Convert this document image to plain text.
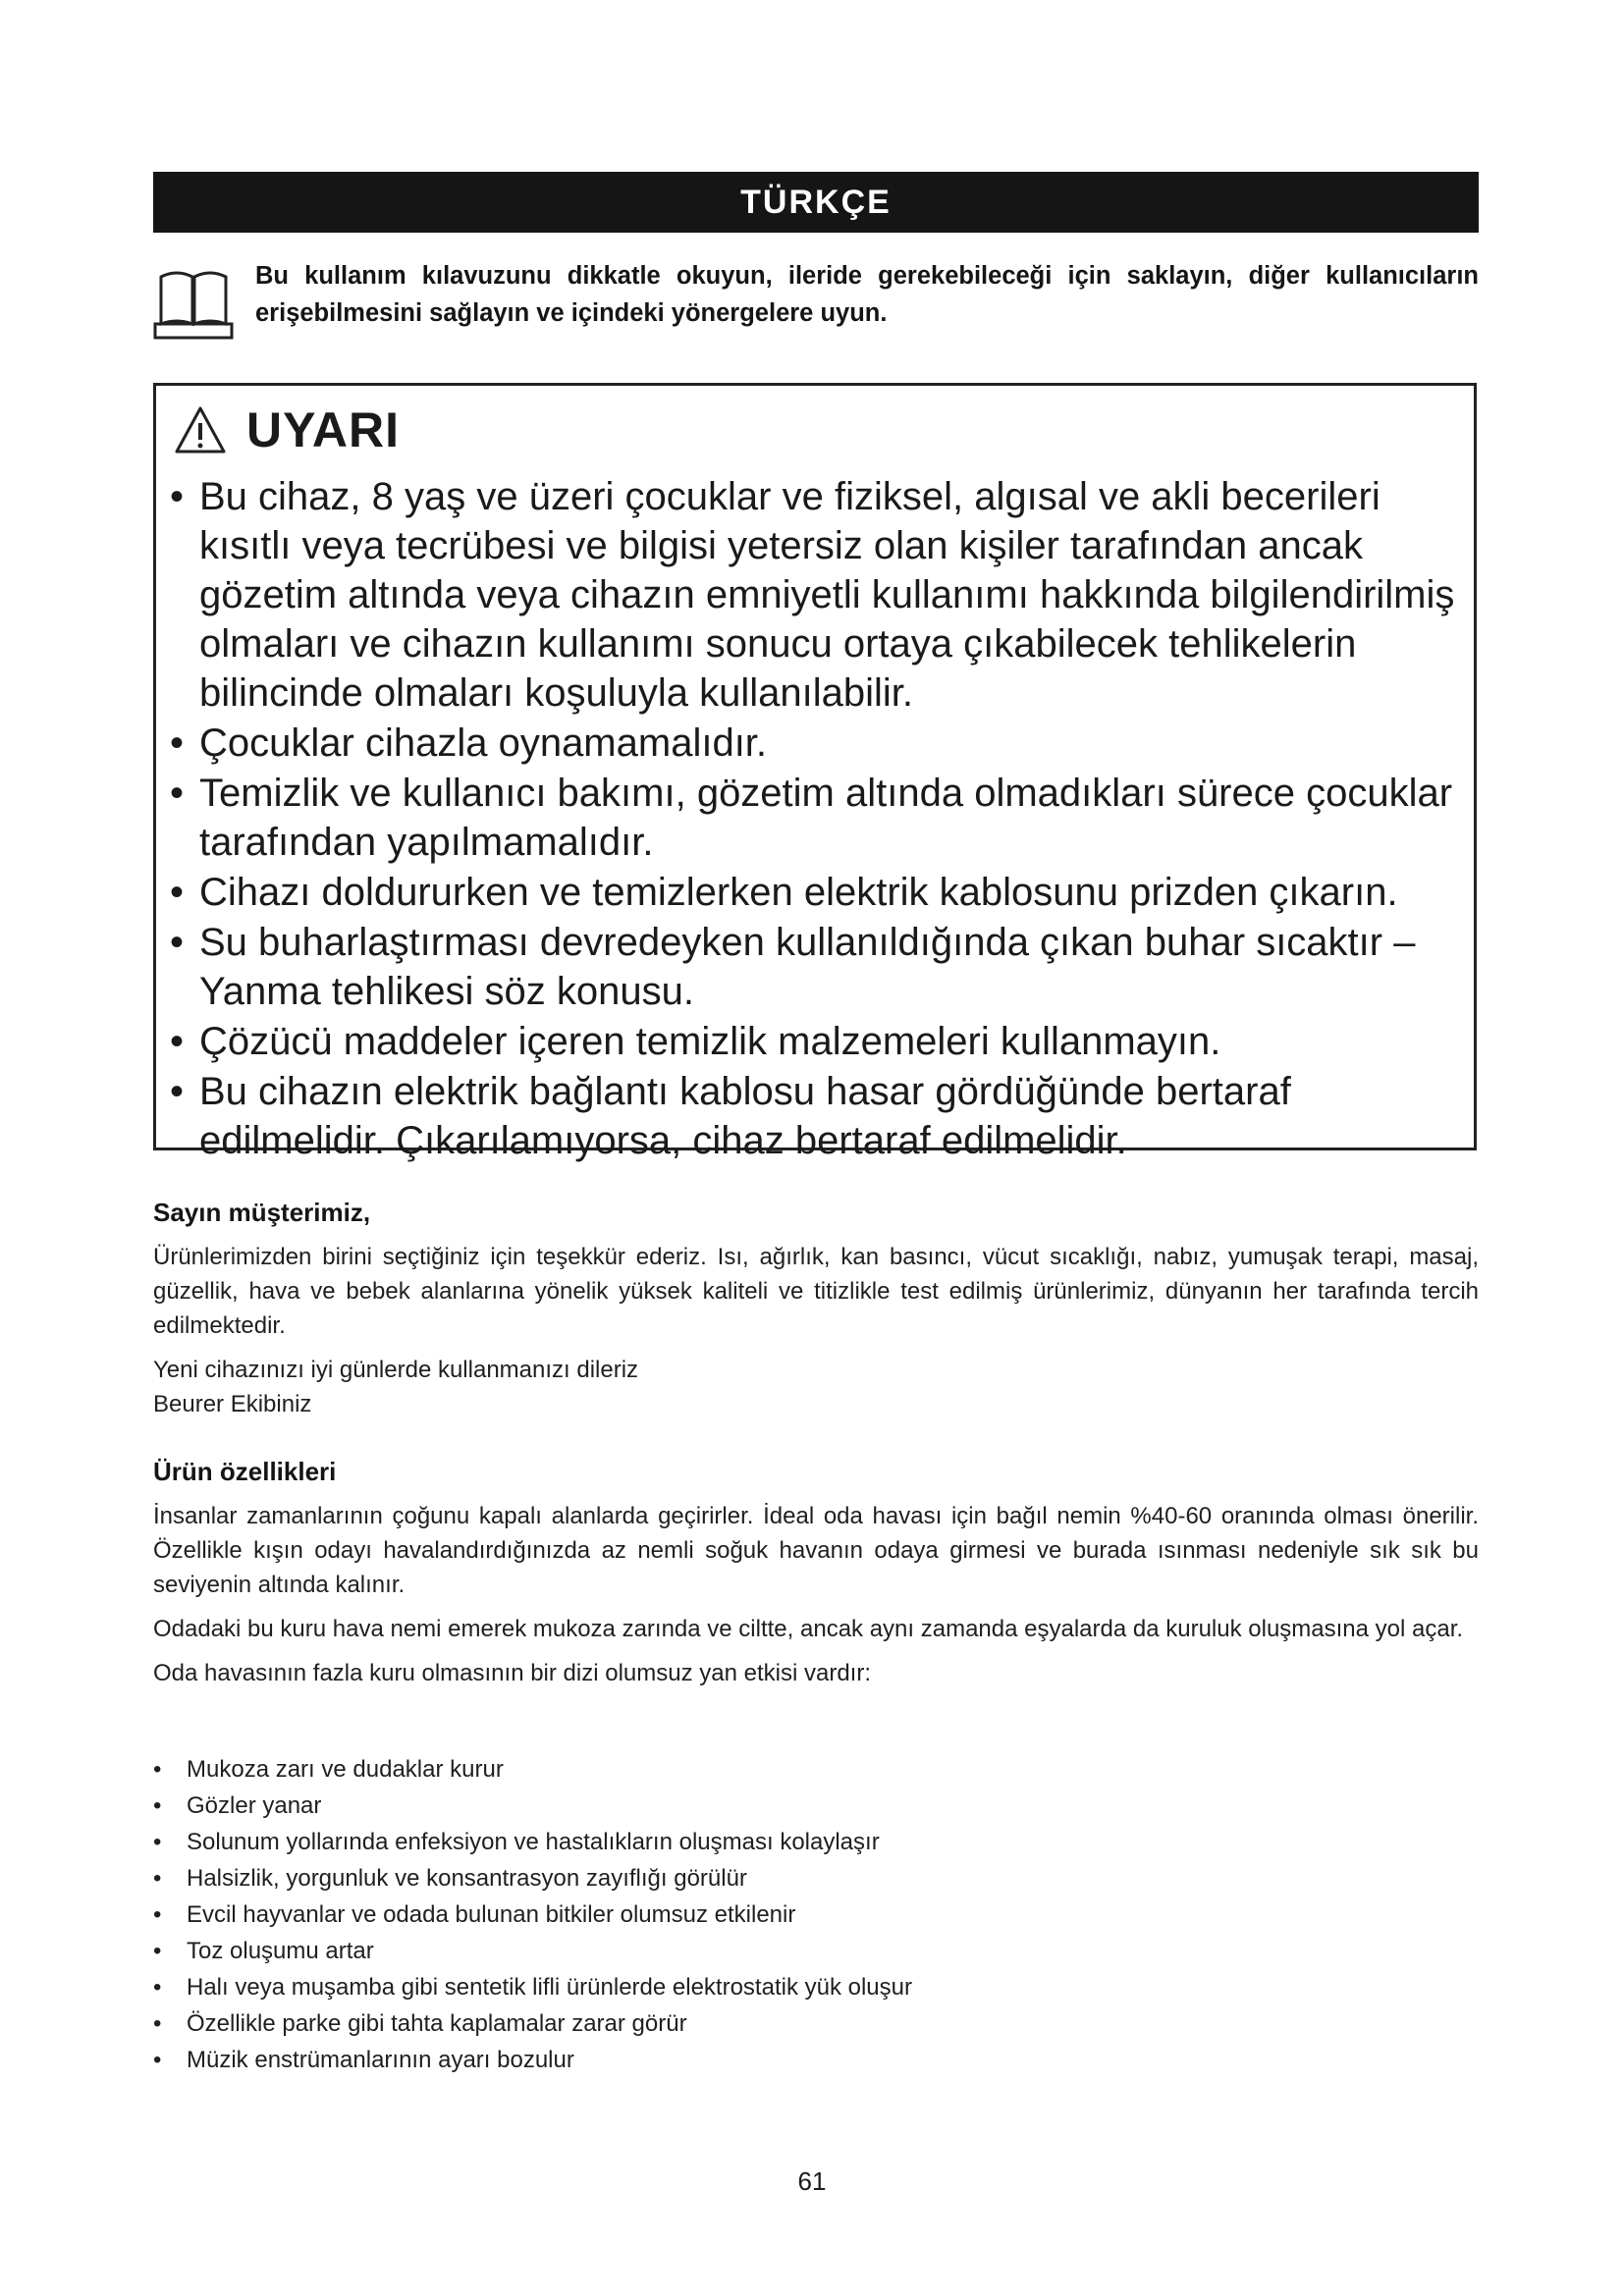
TÜRKÇE
Bu kullanım kılavuzunu dikkatle okuyun, ileride gerekebileceği için saklayın, diğer kullanıcıların erişebilmesini sağlayın ve içindeki yönergelere uyun.
UYARI
• Bu cihaz, 8 yaş ve üzeri çocuklar ve fiziksel, algısal ve akli becerileri kısıtlı veya tecrübesi ve bilgisi yetersiz olan kişiler tarafından ancak gözetim altında veya cihazın emniyetli kullanımı hakkında bilgilendirilmiş olmaları ve cihazın kullanımı sonucu ortaya çıkabilecek tehlikelerin bilincinde olmaları koşuluyla kullanılabilir.
• Çocuklar cihazla oynamamalıdır.
• Temizlik ve kullanıcı bakımı, gözetim altında olmadıkları sürece çocuklar tarafından yapılmamalıdır.
• Cihazı doldururken ve temizlerken elektrik kablosunu prizden çıkarın.
• Su buharlaştırması devredeyken kullanıldığında çıkan buhar sıcaktır – Yanma tehlikesi söz konusu.
• Çözücü maddeler içeren temizlik malzemeleri kullanmayın.
• Bu cihazın elektrik bağlantı kablosu hasar gördüğünde bertaraf edilmelidir. Çıkarılamıyorsa, cihaz bertaraf edilmelidir.

Sayın müşterimiz,

Ürünlerimizden birini seçtiğiniz için teşekkür ederiz. Isı, ağırlık, kan basıncı, vücut sıcaklığı, nabız, yumuşak terapi, masaj, güzellik, hava ve bebek alanlarına yönelik yüksek kaliteli ve titizlikle test edilmiş ürünlerimiz, dünyanın her tarafında tercih edilmektedir.

Yeni cihazınızı iyi günlerde kullanmanızı dileriz

Beurer Ekibiniz

Ürün özellikleri

İnsanlar zamanlarının çoğunu kapalı alanlarda geçirirler. İdeal oda havası için bağıl nemin %40-60 oranında olması önerilir. Özellikle kışın odayı havalandırdığınızda az nemli soğuk havanın odaya girmesi ve burada ısınması nedeniyle sık sık bu seviyenin altında kalınır.

Odadaki bu kuru hava nemi emerek mukoza zarında ve ciltte, ancak aynı zamanda eşyalarda da kuruluk oluşmasına yol açar.

Oda havasının fazla kuru olmasının bir dizi olumsuz yan etkisi vardır:

• Mukoza zarı ve dudaklar kurur
• Gözler yanar
• Solunum yollarında enfeksiyon ve hastalıkların oluşması kolaylaşır
• Halsizlik, yorgunluk ve konsantrasyon zayıflığı görülür
• Evcil hayvanlar ve odada bulunan bitkiler olumsuz etkilenir
• Toz oluşumu artar
• Halı veya muşamba gibi sentetik lifli ürünlerde elektrostatik yük oluşur
• Özellikle parke gibi tahta kaplamalar zarar görür
• Müzik enstrümanlarının ayarı bozulur
61
